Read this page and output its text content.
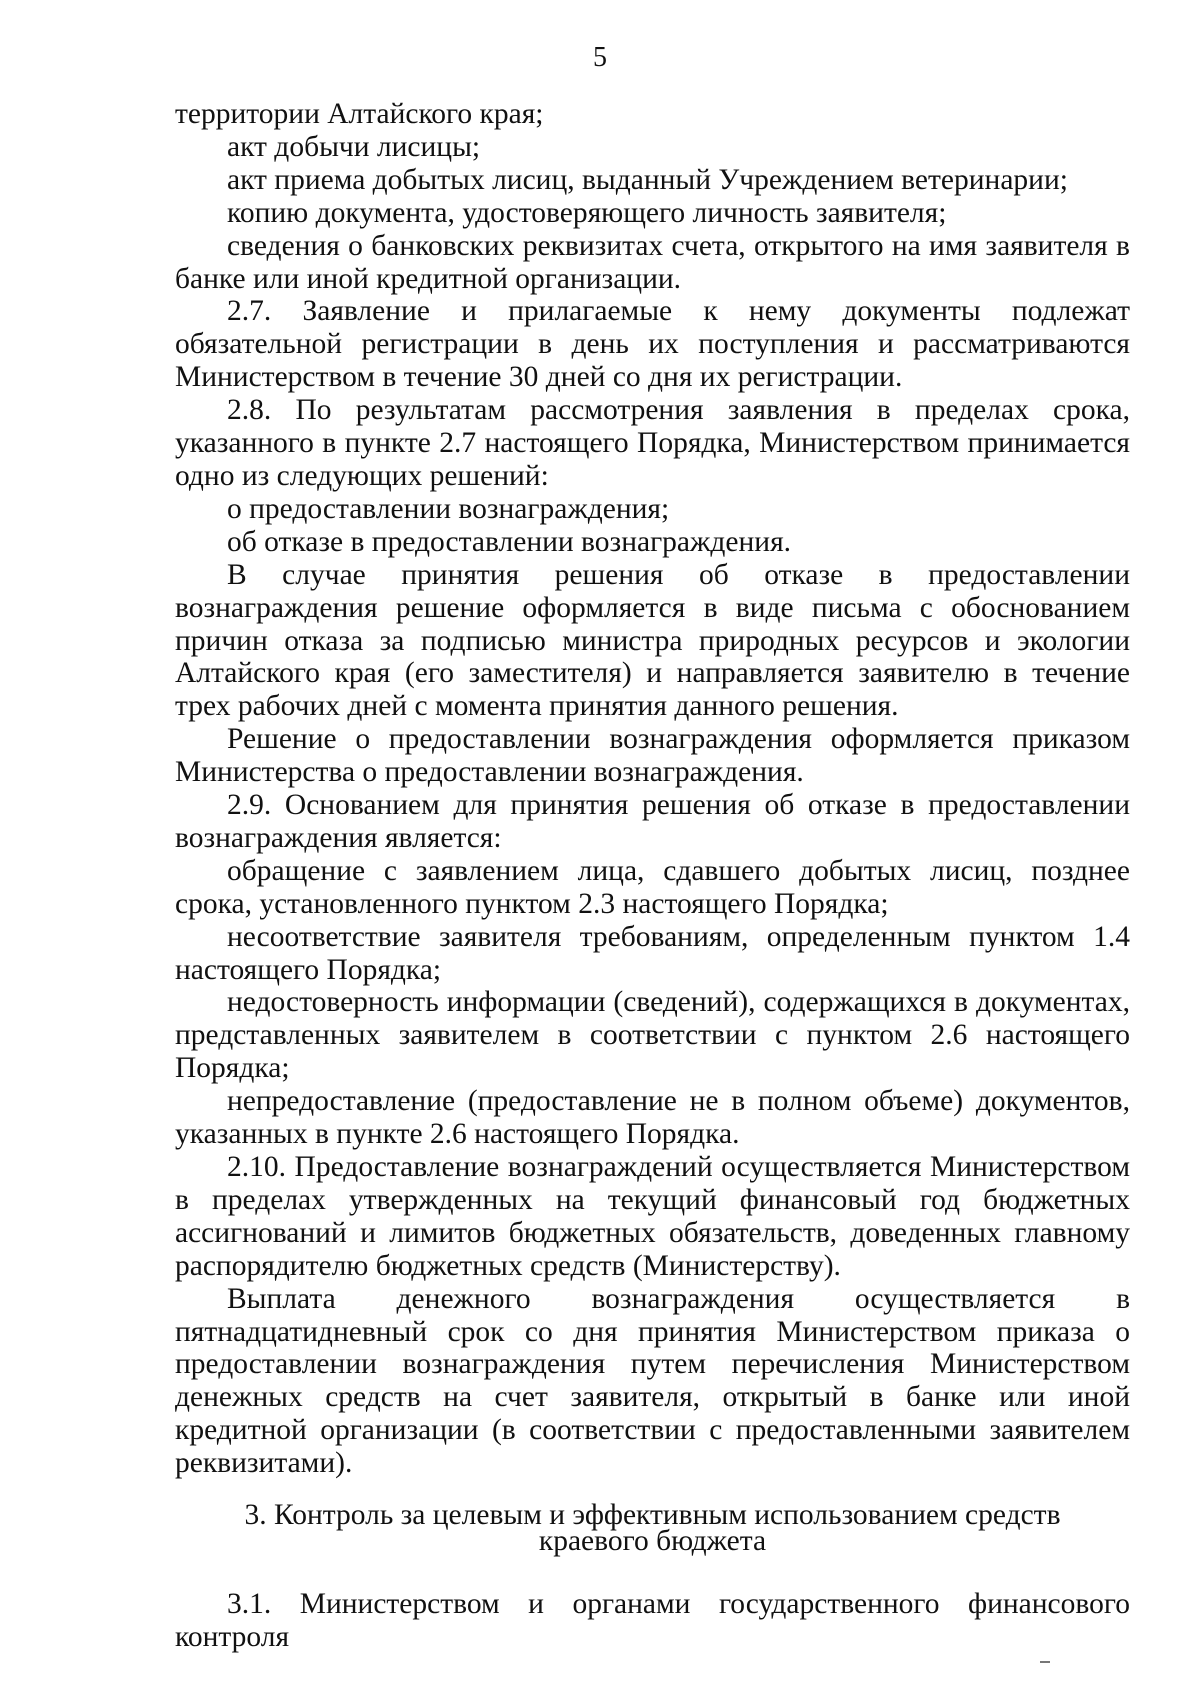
5

территории Алтайского края;

акт добычи лисицы;

акт приема добытых лисиц, выданный Учреждением ветеринарии;

копию документа, удостоверяющего личность заявителя;

сведения о банковских реквизитах счета, открытого на имя заявителя в банке или иной кредитной организации.

2.7. Заявление и прилагаемые к нему документы подлежат обязательной регистрации в день их поступления и рассматриваются Министерством в течение 30 дней со дня их регистрации.

2.8. По результатам рассмотрения заявления в пределах срока, указанного в пункте 2.7 настоящего Порядка, Министерством принимается одно из следующих решений:

о предоставлении вознаграждения;

об отказе в предоставлении вознаграждения.

В случае принятия решения об отказе в предоставлении вознаграждения решение оформляется в виде письма с обоснованием причин отказа за подписью министра природных ресурсов и экологии Алтайского края (его заместителя) и направляется заявителю в течение трех рабочих дней с момента принятия данного решения.

Решение о предоставлении вознаграждения оформляется приказом Министерства о предоставлении вознаграждения.

2.9. Основанием для принятия решения об отказе в предоставлении вознаграждения является:

обращение с заявлением лица, сдавшего добытых лисиц, позднее срока, установленного пунктом 2.3 настоящего Порядка;

несоответствие заявителя требованиям, определенным пунктом 1.4 настоящего Порядка;

недостоверность информации (сведений), содержащихся в документах, представленных заявителем в соответствии с пунктом 2.6 настоящего Порядка;

непредоставление (предоставление не в полном объеме) документов, указанных в пункте 2.6 настоящего Порядка.

2.10. Предоставление вознаграждений осуществляется Министерством в пределах утвержденных на текущий финансовый год бюджетных ассигнований и лимитов бюджетных обязательств, доведенных главному распорядителю бюджетных средств (Министерству).

Выплата денежного вознаграждения осуществляется в пятнадцатидневный срок со дня принятия Министерством приказа о предоставлении вознаграждения путем перечисления Министерством денежных средств на счет заявителя, открытый в банке или иной кредитной организации (в соответствии с предоставленными заявителем реквизитами).

3. Контроль за целевым и эффективным использованием средств
краевого бюджета

3.1. Министерством и органами государственного финансового контроля
